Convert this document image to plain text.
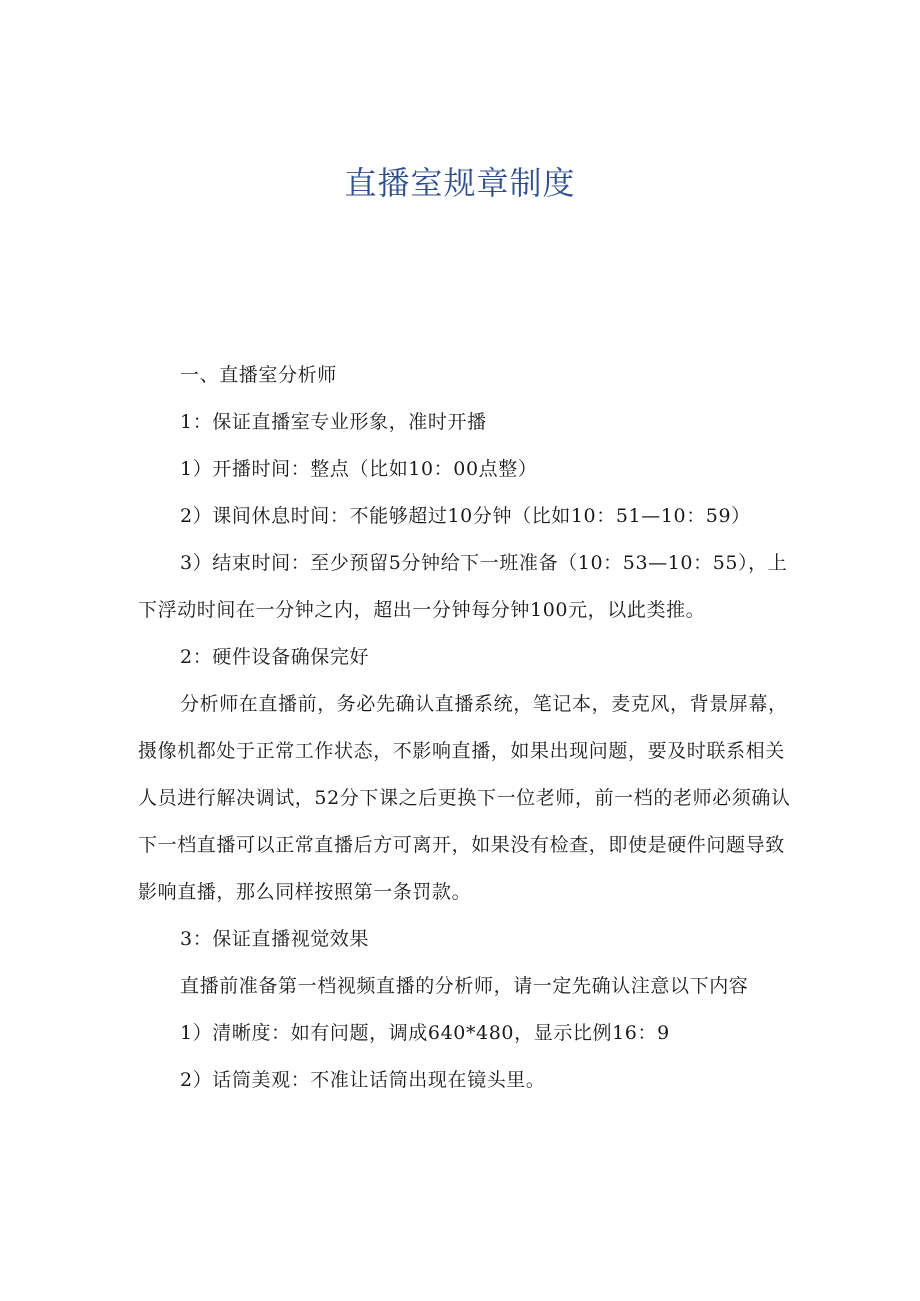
直播室规章制度

一、直播室分析师

1：保证直播室专业形象，准时开播

1）开播时间：整点（比如10：00点整）

2）课间休息时间：不能够超过10分钟（比如10：51—10：59）

3）结束时间：至少预留5分钟给下一班准备（10：53—10：55），上下浮动时间在一分钟之内，超出一分钟每分钟100元，以此类推。

2：硬件设备确保完好

分析师在直播前，务必先确认直播系统，笔记本，麦克风，背景屏幕，摄像机都处于正常工作状态，不影响直播，如果出现问题，要及时联系相关人员进行解决调试，52分下课之后更换下一位老师，前一档的老师必须确认下一档直播可以正常直播后方可离开，如果没有检查，即使是硬件问题导致影响直播，那么同样按照第一条罚款。

3：保证直播视觉效果

直播前准备第一档视频直播的分析师，请一定先确认注意以下内容

1）清晰度：如有问题，调成640*480，显示比例16：9

2）话筒美观：不准让话筒出现在镜头里。
